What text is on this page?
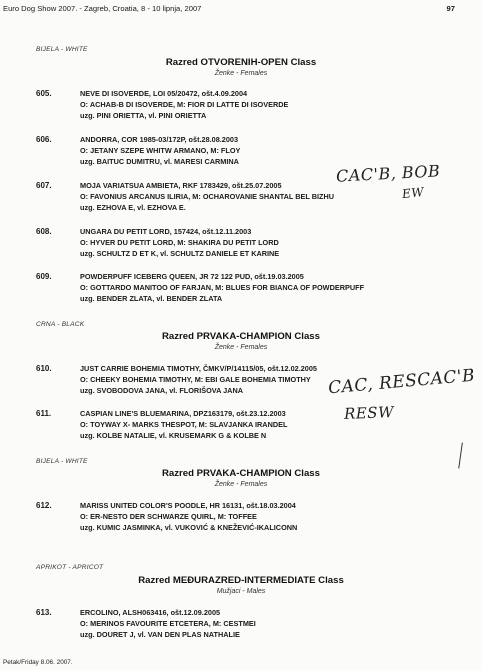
Euro Dog Show 2007. - Zagreb, Croatia, 8 - 10 lipnja, 2007	97
BIJELA - WHITE
Razred OTVORENIH-OPEN Class
Ženke - Females
605.	NEVE DI ISOVERDE, LOI 05/20472, ošt.4.09.2004
O: ACHAB-B DI ISOVERDE, M: FIOR DI LATTE DI ISOVERDE
uzg. PINI ORIETTA, vl. PINI ORIETTA
606.	ANDORRA, COR 1985-03/172P, ošt.28.08.2003
O: JETANY SZEPE WHITW ARMANO, M: FLOY
uzg. BAITUC DUMITRU, vl. MARESI CARMINA
607.	MOJA VARIATSUA AMBIETA, RKF 1783429, ošt.25.07.2005
O: FAVONIUS ARCANUS ILIRIA, M: OCHAROVANIE SHANTAL BEL BIZHU
uzg. EZHOVA E, vl. EZHOVA E.
608.	UNGARA DU PETIT LORD, 157424, ošt.12.11.2003
O: HYVER DU PETIT LORD, M: SHAKIRA DU PETIT LORD
uzg. SCHULTZ D ET K, vl. SCHULTZ DANIELE ET KARINE
609.	POWDERPUFF ICEBERG QUEEN, JR 72 122 PUD, ošt.19.03.2005
O: GOTTARDO MANITOO OF FARJAN, M: BLUES FOR BIANCA OF POWDERPUFF
uzg. BENDER ZLATA, vl. BENDER ZLATA
CRNA - BLACK
Razred PRVAKA-CHAMPION Class
Ženke - Females
610.	JUST CARRIE BOHEMIA TIMOTHY, ČMKV/P/14115/05, ošt.12.02.2005
O: CHEEKY BOHEMIA TIMOTHY, M: EBI GALE BOHEMIA TIMOTHY
uzg. SVOBODOVA JANA, vl. FLORIŠOVA JANA
611.	CASPIAN LINE'S BLUEMARINA, DPZ163179, ošt.23.12.2003
O: TOYWAY X- MARKS THESPOT, M: SLAVJANKA IRANDEL
uzg. KOLBE NATALIE, vl. KRUSEMARK G & KOLBE N
BIJELA - WHITE
Razred PRVAKA-CHAMPION Class
Ženke - Females
612.	MARISS UNITED COLOR'S POODLE, HR 16131, ošt.18.03.2004
O: ER-NESTO DER SCHWARZE QUIRL, M: TOFFEE
uzg. KUMIC JASMINKA, vl. VUKOVIĆ & KNEŽEVIĆ-IKALICONN
APRIKOT - APRICOT
Razred MEĐURAZRED-INTERMEDIATE Class
Mužjaci - Males
613.	ERCOLINO, ALSH063416, ošt.12.09.2005
O: MERINOS FAVOURITE ETCETERA, M: CESTMEI
uzg. DOURET J, vl. VAN DEN PLAS NATHALIE
CAC'B, BOB
EW
CAC, RESCAC'B
RESW
Petak/Friday 8.06. 2007.
